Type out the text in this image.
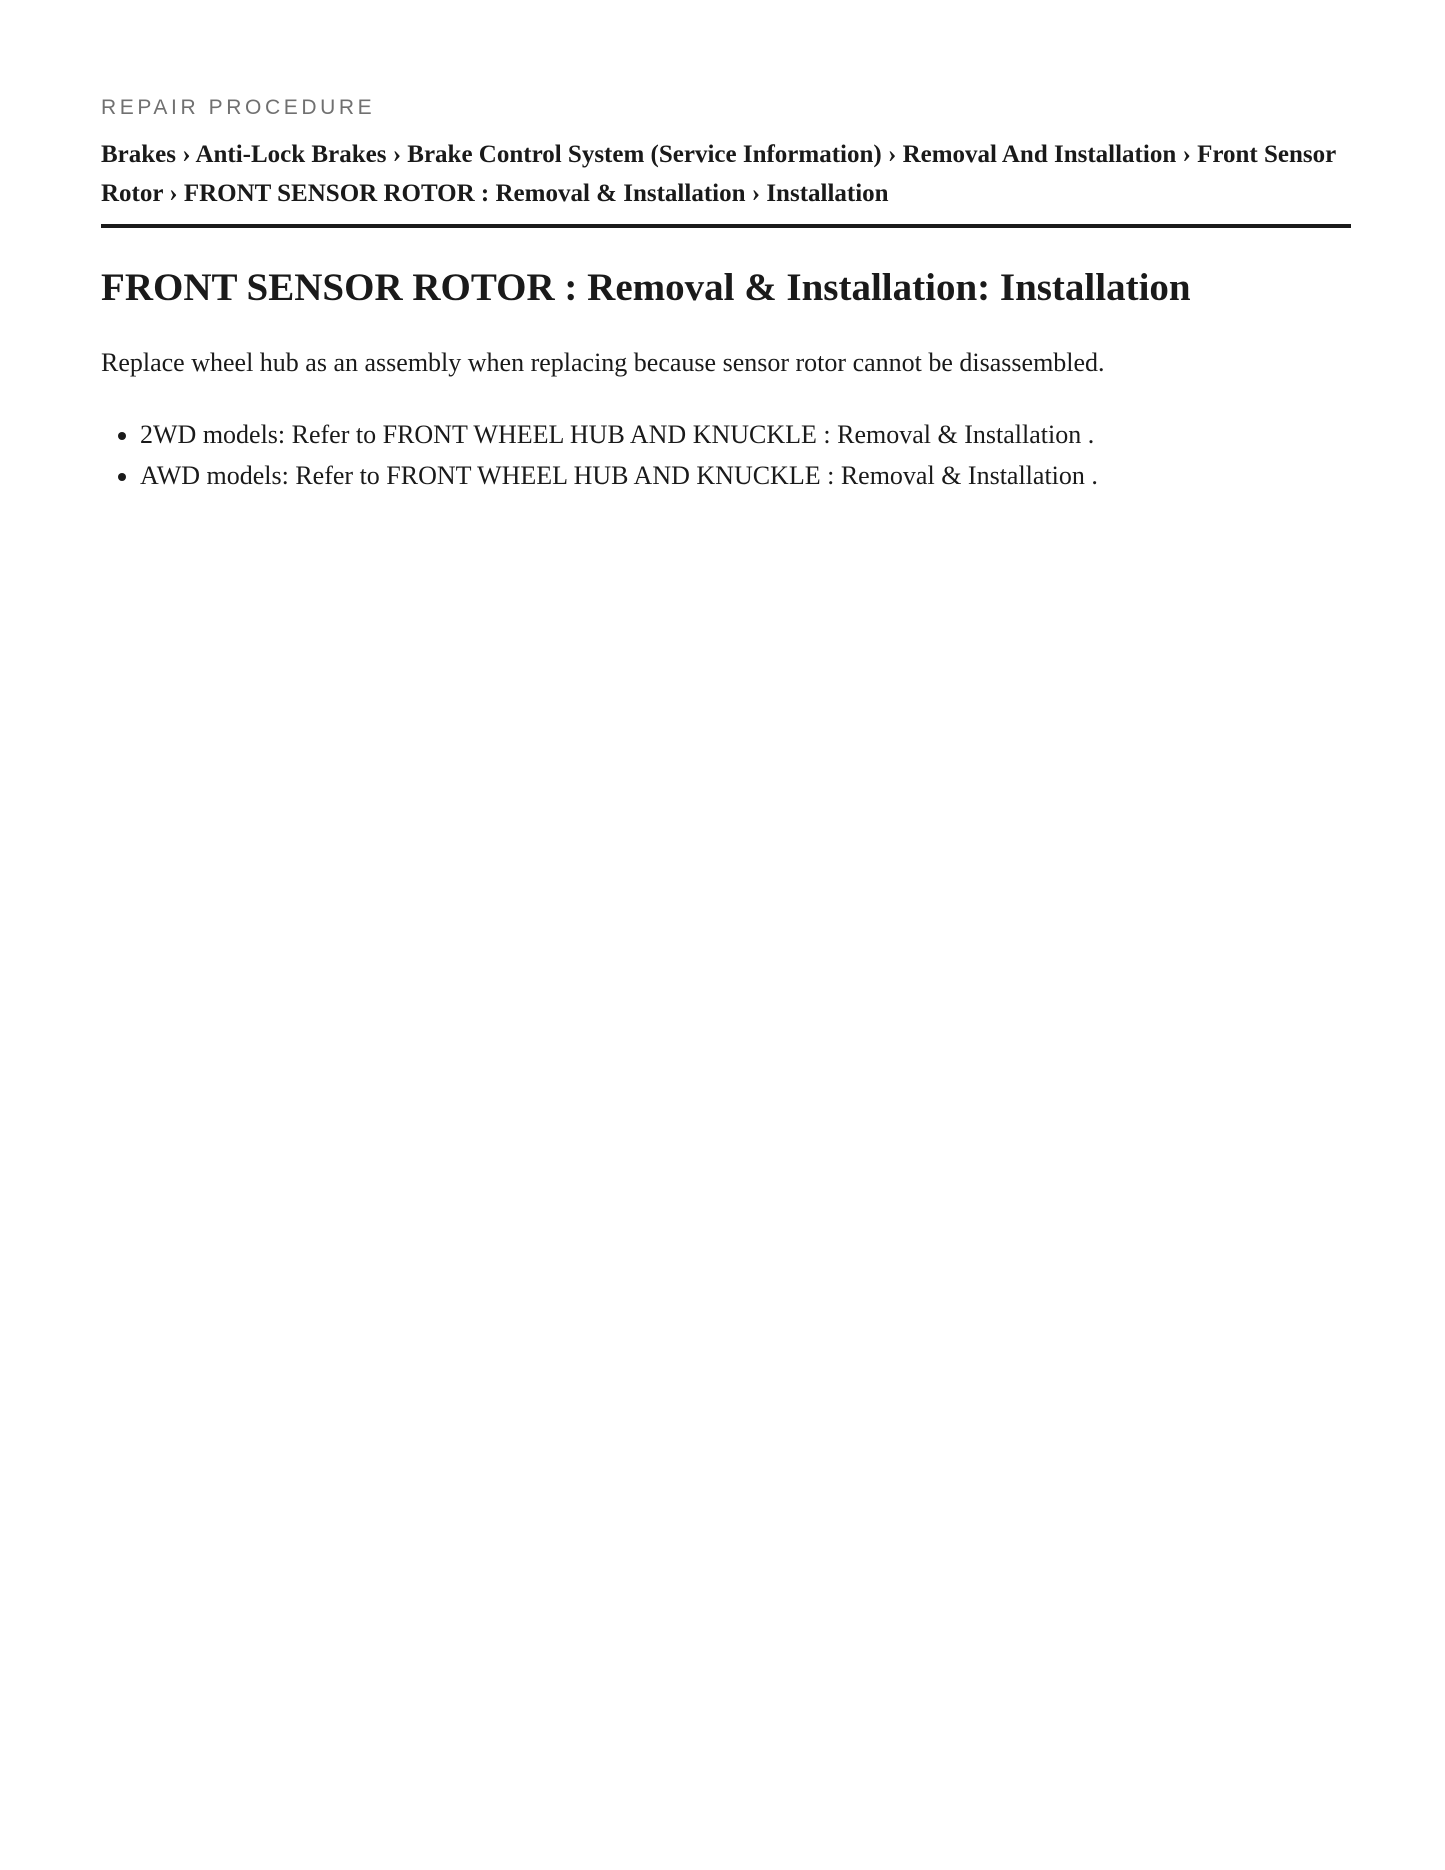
REPAIR PROCEDURE

Brakes › Anti-Lock Brakes › Brake Control System (Service Information) › Removal And Installation › Front Sensor Rotor › FRONT SENSOR ROTOR : Removal & Installation › Installation
FRONT SENSOR ROTOR : Removal & Installation: Installation

Replace wheel hub as an assembly when replacing because sensor rotor cannot be disassembled.

• 2WD models: Refer to FRONT WHEEL HUB AND KNUCKLE : Removal & Installation .
• AWD models: Refer to FRONT WHEEL HUB AND KNUCKLE : Removal & Installation .
